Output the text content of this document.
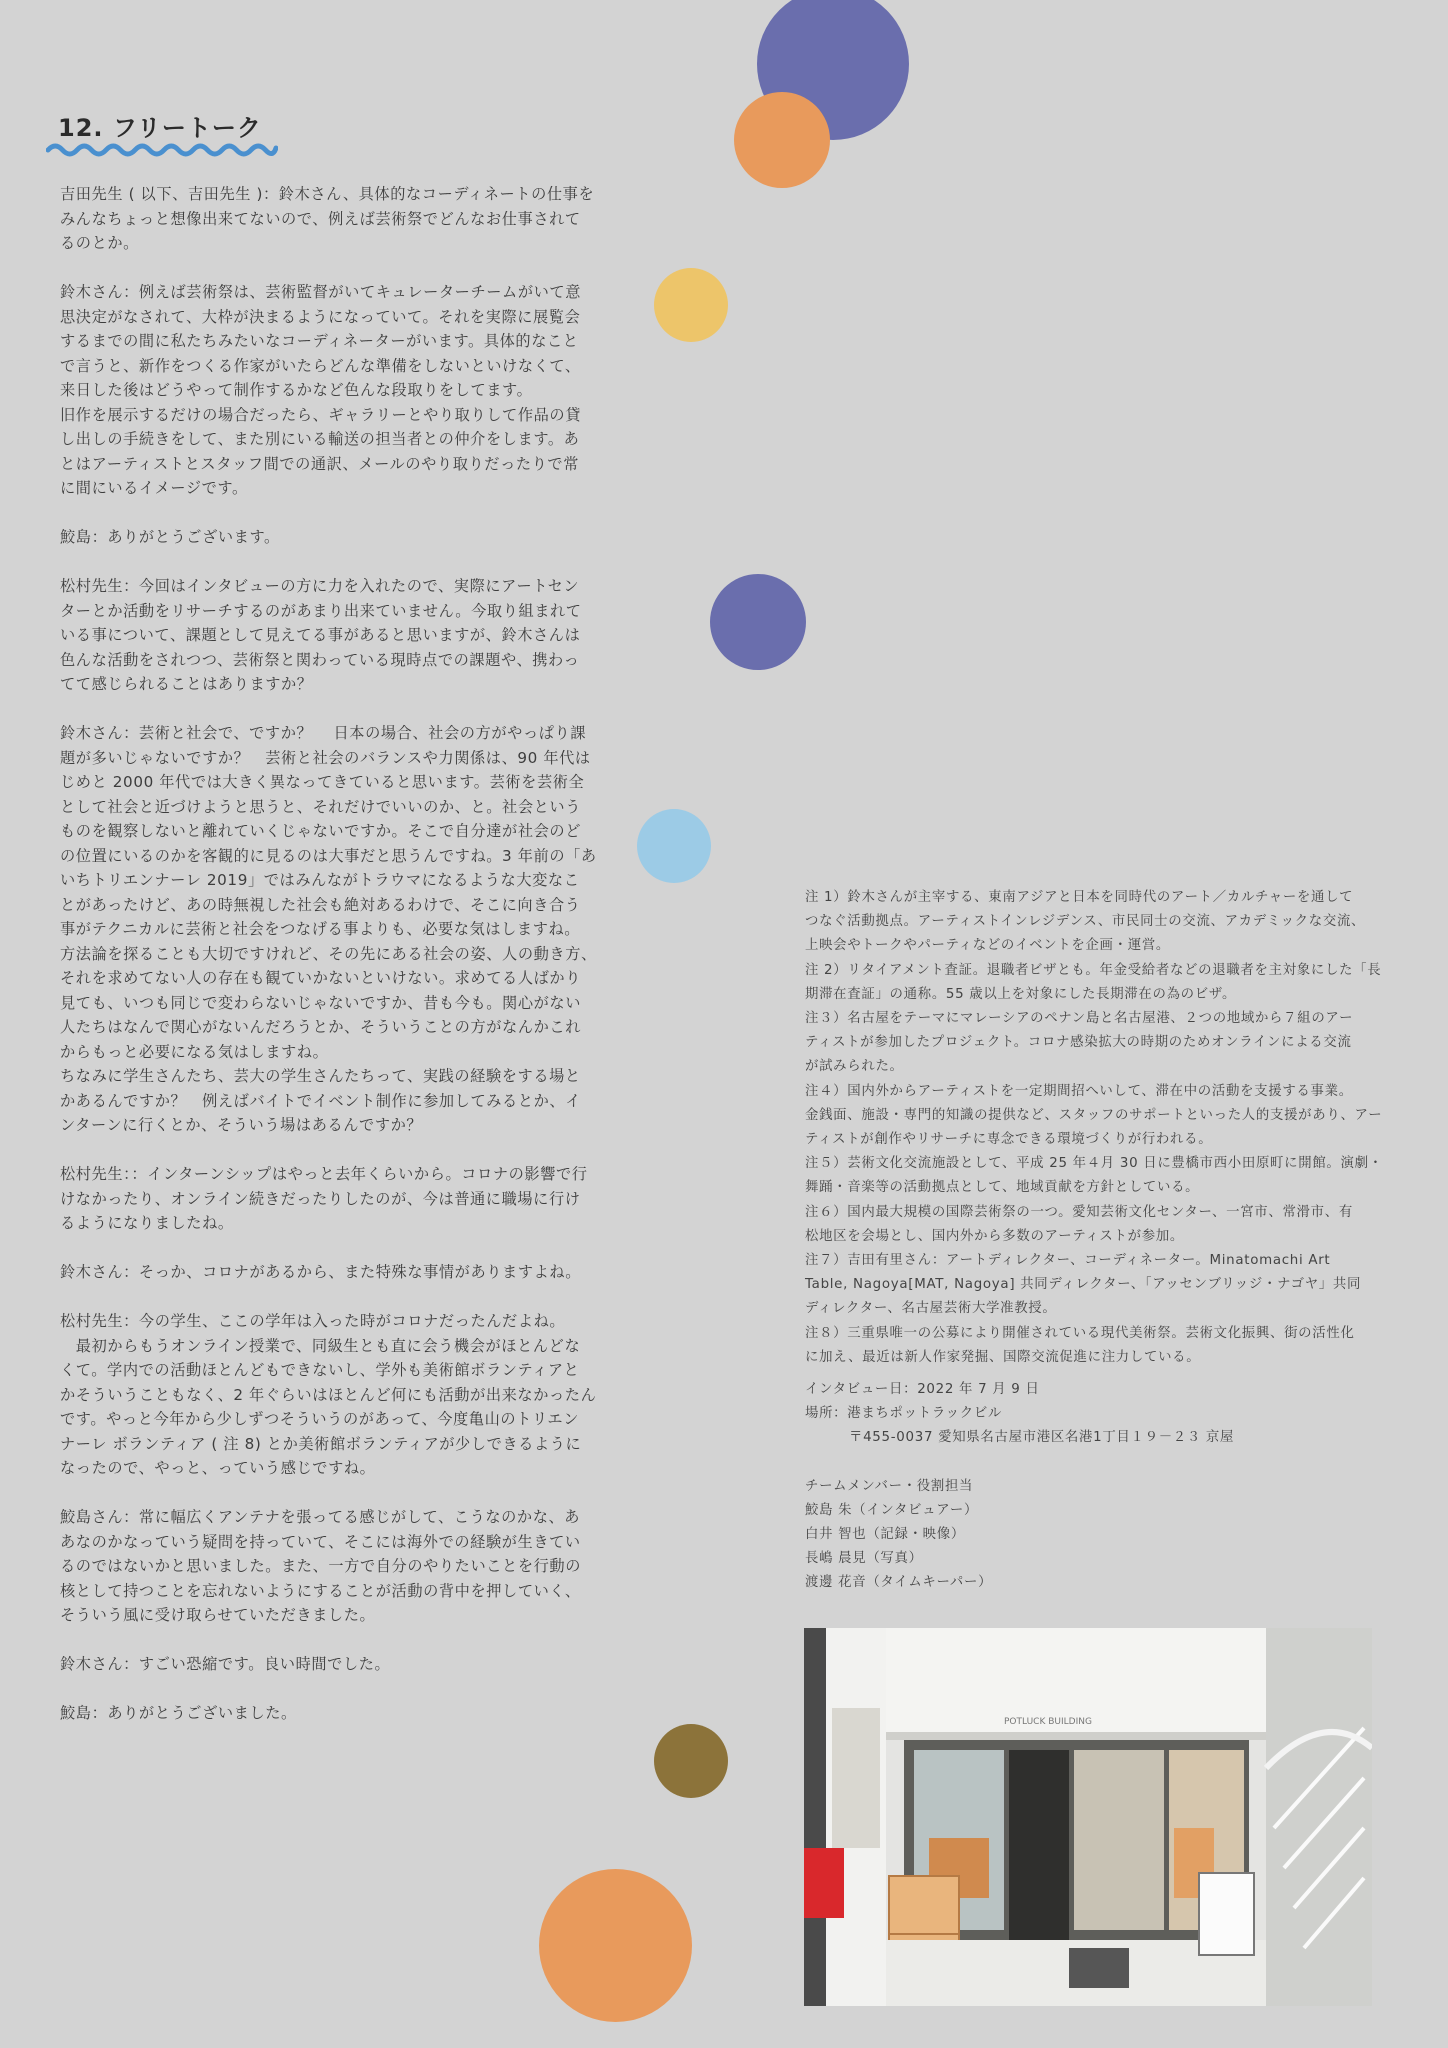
12. フリートーク

吉田先生 ( 以下、吉田先生 )：鈴木さん、具体的なコーディネートの仕事を
みんなちょっと想像出来てないので、例えば芸術祭でどんなお仕事されて
るのとか。

鈴木さん：例えば芸術祭は、芸術監督がいてキュレーターチームがいて意
思決定がなされて、大枠が決まるようになっていて。それを実際に展覧会
するまでの間に私たちみたいなコーディネーターがいます。具体的なこと
で言うと、新作をつくる作家がいたらどんな準備をしないといけなくて、
来日した後はどうやって制作するかなど色んな段取りをしてます。
旧作を展示するだけの場合だったら、ギャラリーとやり取りして作品の貸
し出しの手続きをして、また別にいる輸送の担当者との仲介をします。あ
とはアーティストとスタッフ間での通訳、メールのやり取りだったりで常
に間にいるイメージです。

鮫島：ありがとうございます。

松村先生：今回はインタビューの方に力を入れたので、実際にアートセン
ターとか活動をリサーチするのがあまり出来ていません。今取り組まれて
いる事について、課題として見えてる事があると思いますが、鈴木さんは
色んな活動をされつつ、芸術祭と関わっている現時点での課題や、携わっ
てて感じられることはありますか？

鈴木さん：芸術と社会で、ですか？　 日本の場合、社会の方がやっぱり課
題が多いじゃないですか？　芸術と社会のバランスや力関係は、90 年代は
じめと 2000 年代では大きく異なってきていると思います。芸術を芸術全
として社会と近づけようと思うと、それだけでいいのか、と。社会という
ものを観察しないと離れていくじゃないですか。そこで自分達が社会のど
の位置にいるのかを客観的に見るのは大事だと思うんですね。3 年前の「あ
いちトリエンナーレ 2019」ではみんながトラウマになるような大変なこ
とがあったけど、あの時無視した社会も絶対あるわけで、そこに向き合う
事がテクニカルに芸術と社会をつなげる事よりも、必要な気はしますね。
方法論を探ることも大切ですけれど、その先にある社会の姿、人の動き方、
それを求めてない人の存在も観ていかないといけない。求めてる人ばかり
見ても、いつも同じで変わらないじゃないですか、昔も今も。関心がない
人たちはなんで関心がないんだろうとか、そういうことの方がなんかこれ
からもっと必要になる気はしますね。
ちなみに学生さんたち、芸大の学生さんたちって、実践の経験をする場と
かあるんですか？　例えばバイトでイベント制作に参加してみるとか、イ
ンターンに行くとか、そういう場はあるんですか？

松村先生：：インターンシップはやっと去年くらいから。コロナの影響で行
けなかったり、オンライン続きだったりしたのが、今は普通に職場に行け
るようになりましたね。

鈴木さん：そっか、コロナがあるから、また特殊な事情がありますよね。

松村先生：今の学生、ここの学年は入った時がコロナだったんだよね。
　最初からもうオンライン授業で、同級生とも直に会う機会がほとんどな
くて。学内での活動ほとんどもできないし、学外も美術館ボランティアと
かそういうこともなく、2 年ぐらいはほとんど何にも活動が出来なかったん
です。やっと今年から少しずつそういうのがあって、今度亀山のトリエン
ナーレ ボランティア ( 注 8) とか美術館ボランティアが少しできるように
なったので、やっと、っていう感じですね。

鮫島さん：常に幅広くアンテナを張ってる感じがして、こうなのかな、あ
あなのかなっていう疑問を持っていて、そこには海外での経験が生きてい
るのではないかと思いました。また、一方で自分のやりたいことを行動の
核として持つことを忘れないようにすることが活動の背中を押していく、
そういう風に受け取らせていただきました。

鈴木さん：すごい恐縮です。良い時間でした。

鮫島：ありがとうございました。

注 1）鈴木さんが主宰する、東南アジアと日本を同時代のアート／カルチャーを通して
つなぐ活動拠点。アーティストインレジデンス、市民同士の交流、アカデミックな交流、
上映会やトークやパーティなどのイベントを企画・運営。
注 2）リタイアメント査証。退職者ビザとも。年金受給者などの退職者を主対象にした「長
期滞在査証」の通称。55 歳以上を対象にした長期滞在の為のビザ。
注３）名古屋をテーマにマレーシアのペナン島と名古屋港、２つの地域から７組のアー
ティストが参加したプロジェクト。コロナ感染拡大の時期のためオンラインによる交流
が試みられた。
注４）国内外からアーティストを一定期間招へいして、滞在中の活動を支援する事業。
金銭面、施設・専門的知識の提供など、スタッフのサポートといった人的支援があり、アー
ティストが創作やリサーチに専念できる環境づくりが行われる。
注５）芸術文化交流施設として、平成 25 年４月 30 日に豊橋市西小田原町に開館。演劇・
舞踊・音楽等の活動拠点として、地域貢献を方針としている。
注６）国内最大規模の国際芸術祭の一つ。愛知芸術文化センター、一宮市、常滑市、有
松地区を会場とし、国内外から多数のアーティストが参加。
注７）吉田有里さん：アートディレクター、コーディネーター。Minatomachi Art
Table, Nagoya[MAT, Nagoya] 共同ディレクター、「アッセンブリッジ・ナゴヤ」共同
ディレクター、名古屋芸術大学准教授。
注８）三重県唯一の公募により開催されている現代美術祭。芸術文化振興、街の活性化
に加え、最近は新人作家発掘、国際交流促進に注力している。
インタビュー日：2022 年 7 月 9 日
場所：港まちポットラックビル
〒455-0037 愛知県名古屋市港区名港1丁目１９－２３ 京屋
チームメンバー・役割担当
鮫島 朱（インタビュアー）
白井 智也（記録・映像）
長嶋 晨見（写真）
渡邊 花音（タイムキーパー）
POTLUCK BUILDING
